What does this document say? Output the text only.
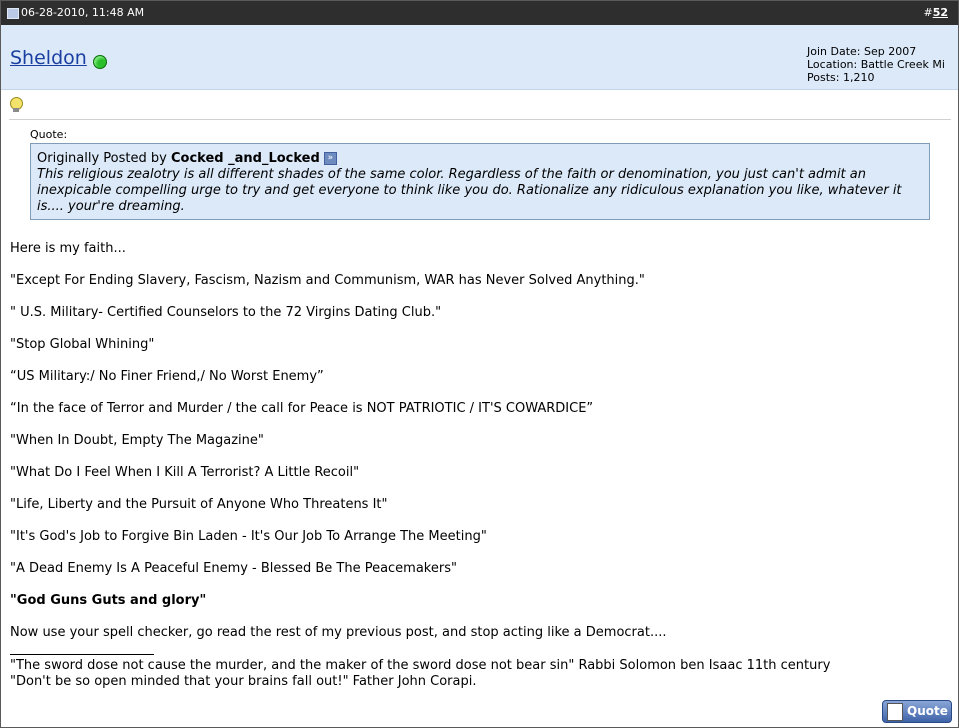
06-28-2010, 11:48 AM	#52
Sheldon	Join Date: Sep 2007
Location: Battle Creek Mi
Posts: 1,210
Quote:
Originally Posted by Cocked _and_Locked »
This religious zealotry is all different shades of the same color. Regardless of the faith or denomination, you just can't admit an inexpicable compelling urge to try and get everyone to think like you do. Rationalize any ridiculous explanation you like, whatever it is.... your're dreaming.

Here is my faith...

"Except For Ending Slavery, Fascism, Nazism and Communism, WAR has Never Solved Anything."

" U.S. Military- Certified Counselors to the 72 Virgins Dating Club."

"Stop Global Whining"

“US Military:/ No Finer Friend,/ No Worst Enemy”

“In the face of Terror and Murder / the call for Peace is NOT PATRIOTIC / IT'S COWARDICE”

"When In Doubt, Empty The Magazine"

"What Do I Feel When I Kill A Terrorist? A Little Recoil"

"Life, Liberty and the Pursuit of Anyone Who Threatens It"

"It's God's Job to Forgive Bin Laden - It's Our Job To Arrange The Meeting"

"A Dead Enemy Is A Peaceful Enemy - Blessed Be The Peacemakers"

"God Guns Guts and glory"

Now use your spell checker, go read the rest of my previous post, and stop acting like a Democrat....

"The sword dose not cause the murder, and the maker of the sword dose not bear sin" Rabbi Solomon ben Isaac 11th century
"Don't be so open minded that your brains fall out!" Father John Corapi.
Quote
